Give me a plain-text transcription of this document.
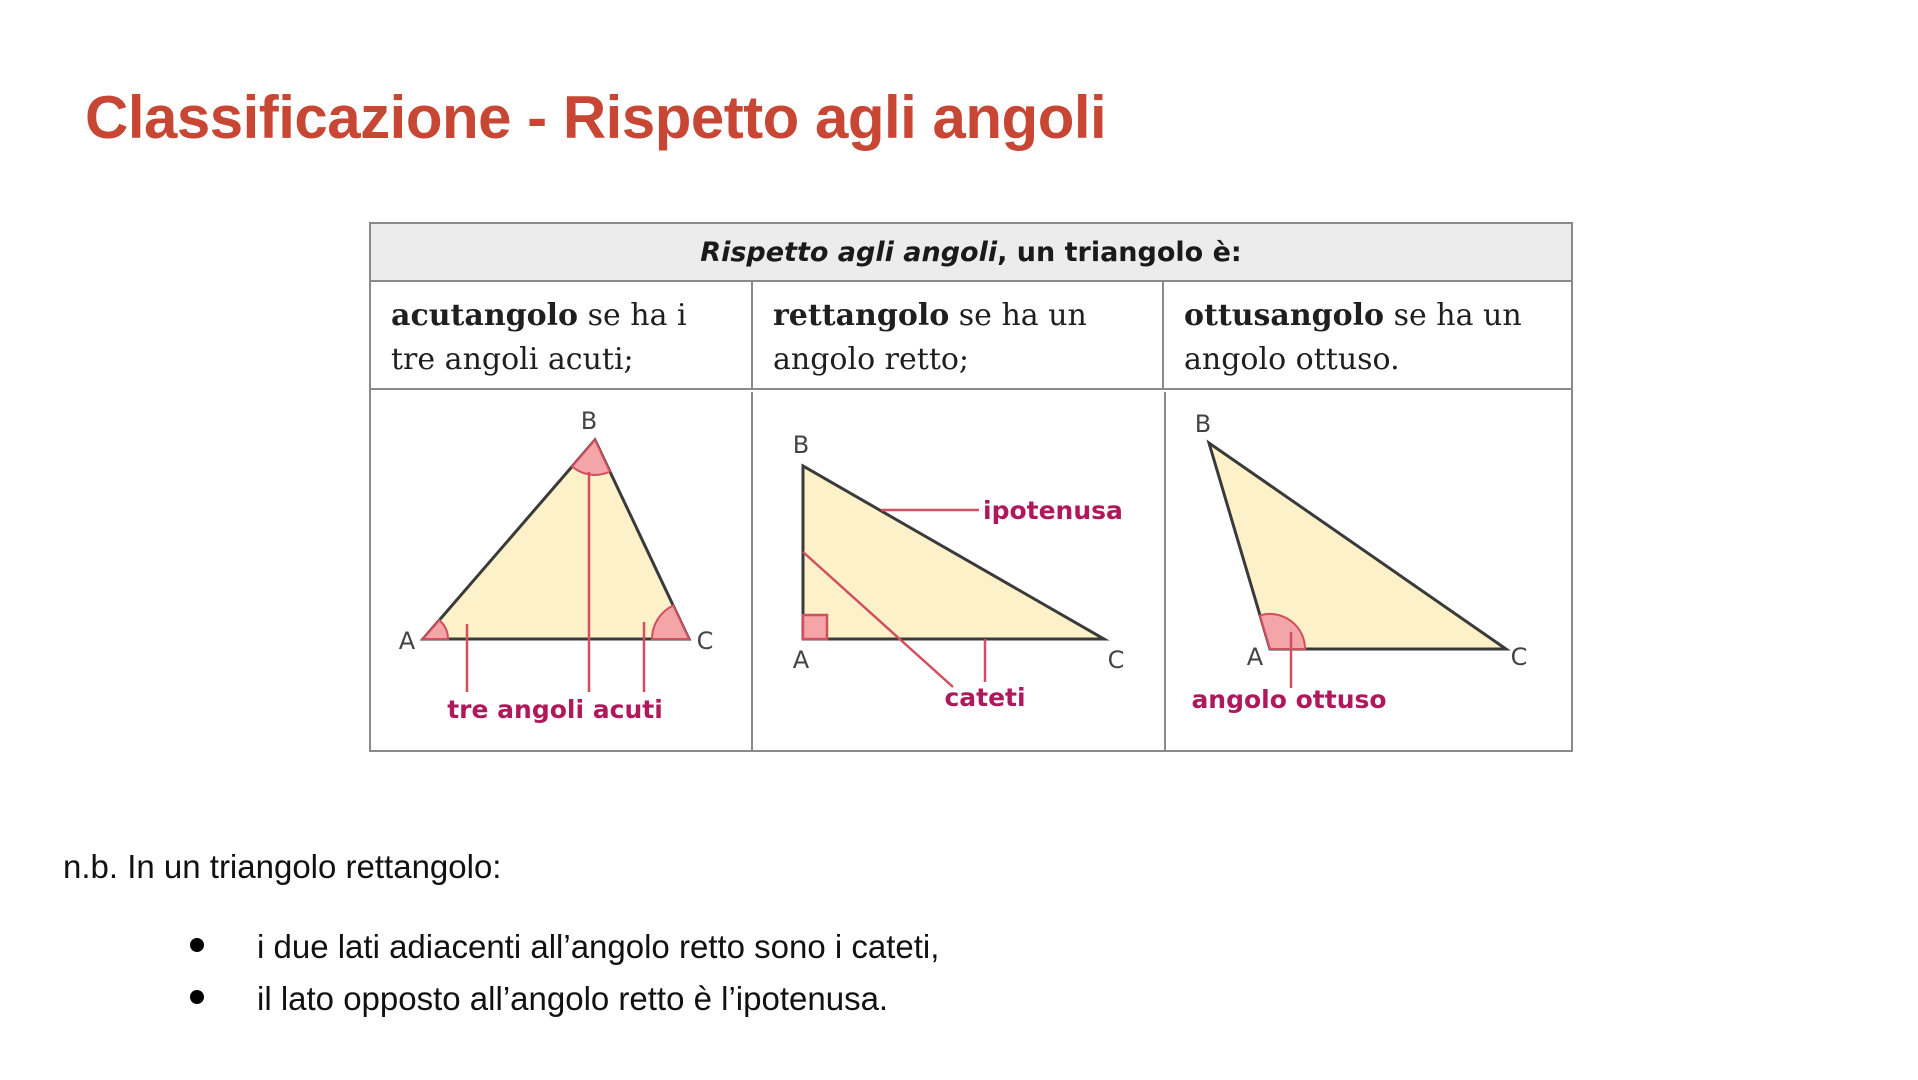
Classificazione - Rispetto agli angoli
Rispetto agli angoli, un triangolo è:
acutangolo se ha i tre angoli acuti;
rettangolo se ha un angolo retto;
ottusangolo se ha un angolo ottuso.
B
A	C
tre angoli acuti
B
A	C
ipotenusa
cateti
B
A	C
angolo ottuso
n.b. In un triangolo rettangolo:
i due lati adiacenti all’angolo retto sono i cateti,
il lato opposto all’angolo retto è l’ipotenusa.
